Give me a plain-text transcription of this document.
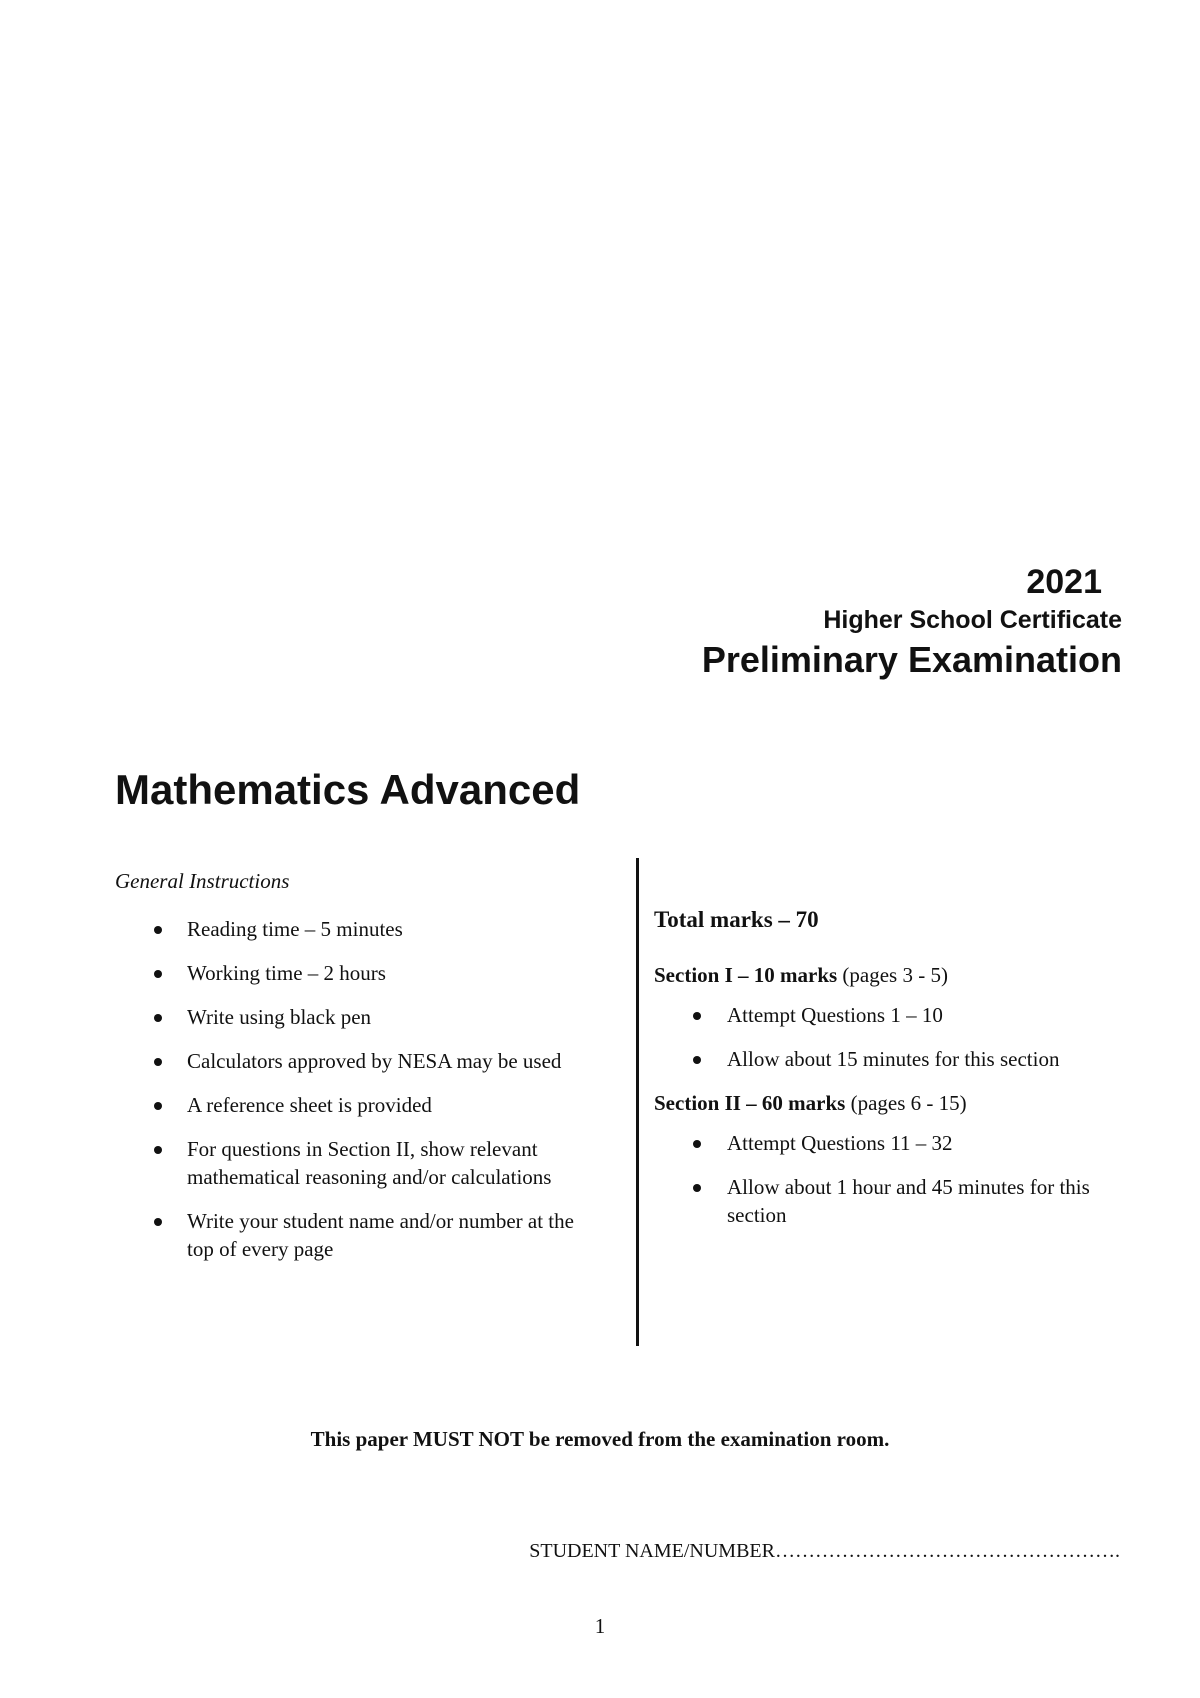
2021
Higher School Certificate
Preliminary Examination
Mathematics Advanced

General Instructions

Reading time – 5 minutes
Working time – 2 hours
Write using black pen
Calculators approved by NESA may be used
A reference sheet is provided
For questions in Section II, show relevant mathematical reasoning and/or calculations
Write your student name and/or number at the top of every page

Total marks – 70

Section I – 10 marks (pages 3 - 5)

Attempt Questions 1 – 10
Allow about 15 minutes for this section

Section II – 60 marks (pages 6 - 15)

Attempt Questions 11 – 32
Allow about 1 hour and 45 minutes for this section
This paper MUST NOT be removed from the examination room.
STUDENT NAME/NUMBER…………………………………………….
1
